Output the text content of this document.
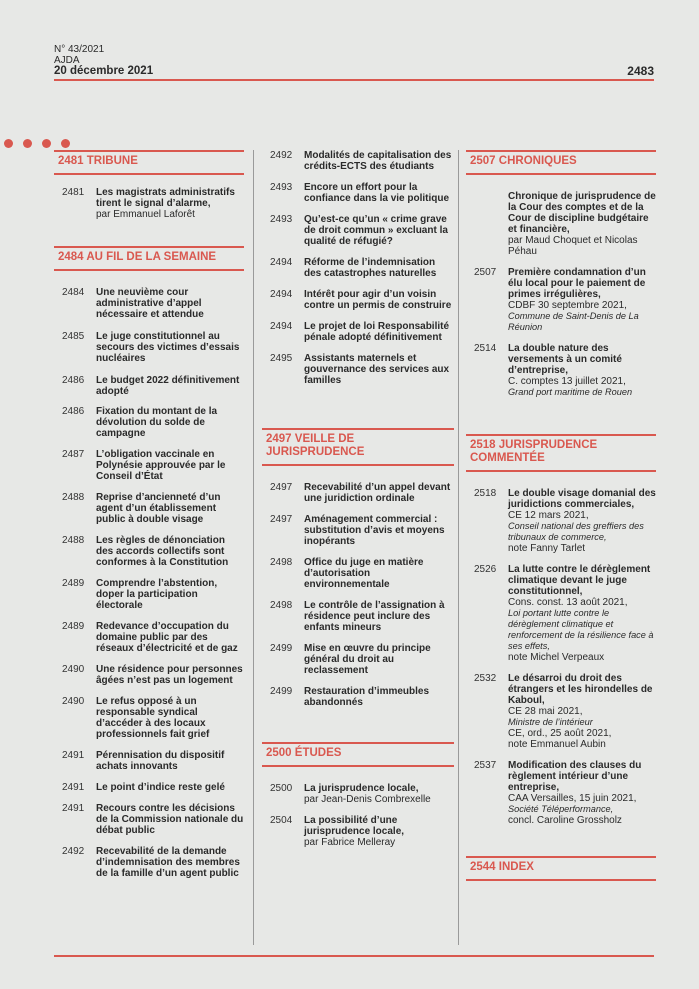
N° 43/2021
AJDA
20 décembre 2021	2483
2481 TRIBUNE
2481	Les magistrats administratifs tirent le signal d’alarme,
par Emmanuel Laforêt
2484 AU FIL DE LA SEMAINE
2484	Une neuvième cour administrative d’appel nécessaire et attendue
2485	Le juge constitutionnel au secours des victimes d’essais nucléaires
2486	Le budget 2022 définitivement adopté
2486	Fixation du montant de la dévolution du solde de campagne
2487	L’obligation vaccinale en Polynésie approuvée par le Conseil d’État
2488	Reprise d’ancienneté d’un agent d’un établissement public à double visage
2488	Les règles de dénonciation des accords collectifs sont conformes à la Constitution
2489	Comprendre l’abstention, doper la participation électorale
2489	Redevance d’occupation du domaine public par des réseaux d’électricité et de gaz
2490	Une résidence pour personnes âgées n’est pas un logement
2490	Le refus opposé à un responsable syndical d’accéder à des locaux professionnels fait grief
2491	Pérennisation du dispositif achats innovants
2491	Le point d’indice reste gelé
2491	Recours contre les décisions de la Commission nationale du débat public
2492	Recevabilité de la demande d’indemnisation des membres de la famille d’un agent public
2492	Modalités de capitalisation des crédits-ECTS des étudiants
2493	Encore un effort pour la confiance dans la vie politique
2493	Qu’est-ce qu’un « crime grave de droit commun » excluant la qualité de réfugié?
2494	Réforme de l’indemnisation des catastrophes naturelles
2494	Intérêt pour agir d’un voisin contre un permis de construire
2494	Le projet de loi Responsabilité pénale adopté définitivement
2495	Assistants maternels et gouvernance des services aux familles
2497 VEILLE DE JURISPRUDENCE
2497	Recevabilité d’un appel devant une juridiction ordinale
2497	Aménagement commercial : substitution d’avis et moyens inopérants
2498	Office du juge en matière d’autorisation environnementale
2498	Le contrôle de l’assignation à résidence peut inclure des enfants mineurs
2499	Mise en œuvre du principe général du droit au reclassement
2499	Restauration d’immeubles abandonnés
2500 ÉTUDES
2500	La jurisprudence locale,
par Jean-Denis Combrexelle
2504	La possibilité d’une jurisprudence locale,
par Fabrice Melleray
2507 CHRONIQUES
Chronique de jurisprudence de la Cour des comptes et de la Cour de discipline budgétaire et financière,
par Maud Choquet et Nicolas Péhau
2507	Première condamnation d’un élu local pour le paiement de primes irrégulières,
CDBF 30 septembre 2021,
Commune de Saint-Denis de La Réunion
2514	La double nature des versements à un comité d’entreprise,
C. comptes 13 juillet 2021,
Grand port maritime de Rouen
2518 JURISPRUDENCE COMMENTÉE
2518	Le double visage domanial des juridictions commerciales,
CE 12 mars 2021,
Conseil national des greffiers des tribunaux de commerce,
note Fanny Tarlet
2526	La lutte contre le dérèglement climatique devant le juge constitutionnel,
Cons. const. 13 août 2021,
Loi portant lutte contre le dérèglement climatique et renforcement de la résilience face à ses effets,
note Michel Verpeaux
2532	Le désarroi du droit des étrangers et les hirondelles de Kaboul,
CE 28 mai 2021,
Ministre de l’intérieur
CE, ord., 25 août 2021,
note Emmanuel Aubin
2537	Modification des clauses du règlement intérieur d’une entreprise,
CAA Versailles, 15 juin 2021,
Société Téléperformance,
concl. Caroline Grossholz
2544 INDEX
